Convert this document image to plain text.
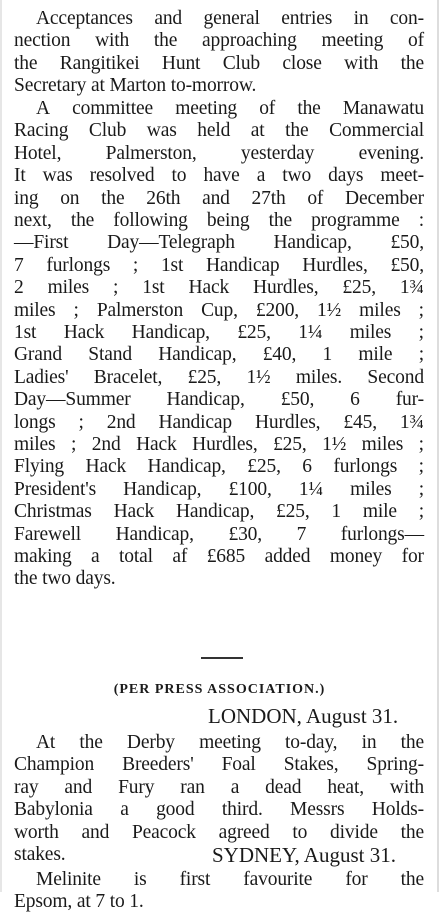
Acceptances and general entries in con-
nection with the approaching meeting of
the Rangitikei Hunt Club close with the
Secretary at Marton to-morrow.
A committee meeting of the Manawatu
Racing Club was held at the Commercial
Hotel, Palmerston, yesterday evening.
It was resolved to have a two days meet-
ing on the 26th and 27th of December
next, the following being the programme :
—First Day—Telegraph Handicap, £50,
7 furlongs ; 1st Handicap Hurdles, £50,
2 miles ; 1st Hack Hurdles, £25, 1¾
miles ; Palmerston Cup, £200, 1½ miles ;
1st Hack Handicap, £25, 1¼ miles ;
Grand Stand Handicap, £40, 1 mile ;
Ladies' Bracelet, £25, 1½ miles. Second
Day—Summer Handicap, £50, 6 fur-
longs ; 2nd Handicap Hurdles, £45, 1¾
miles ; 2nd Hack Hurdles, £25, 1½ miles ;
Flying Hack Handicap, £25, 6 furlongs ;
President's Handicap, £100, 1¼ miles ;
Christmas Hack Handicap, £25, 1 mile ;
Farewell Handicap, £30, 7 furlongs—
making a total af £685 added money for
the two days.
(PER PRESS ASSOCIATION.)
LONDON, August 31.
At the Derby meeting to-day, in the
Champion Breeders' Foal Stakes, Spring-
ray and Fury ran a dead heat, with
Babylonia a good third. Messrs Holds-
worth and Peacock agreed to divide the
stakes.	SYDNEY, August 31.
Melinite is first favourite for the
Epsom, at 7 to 1.
